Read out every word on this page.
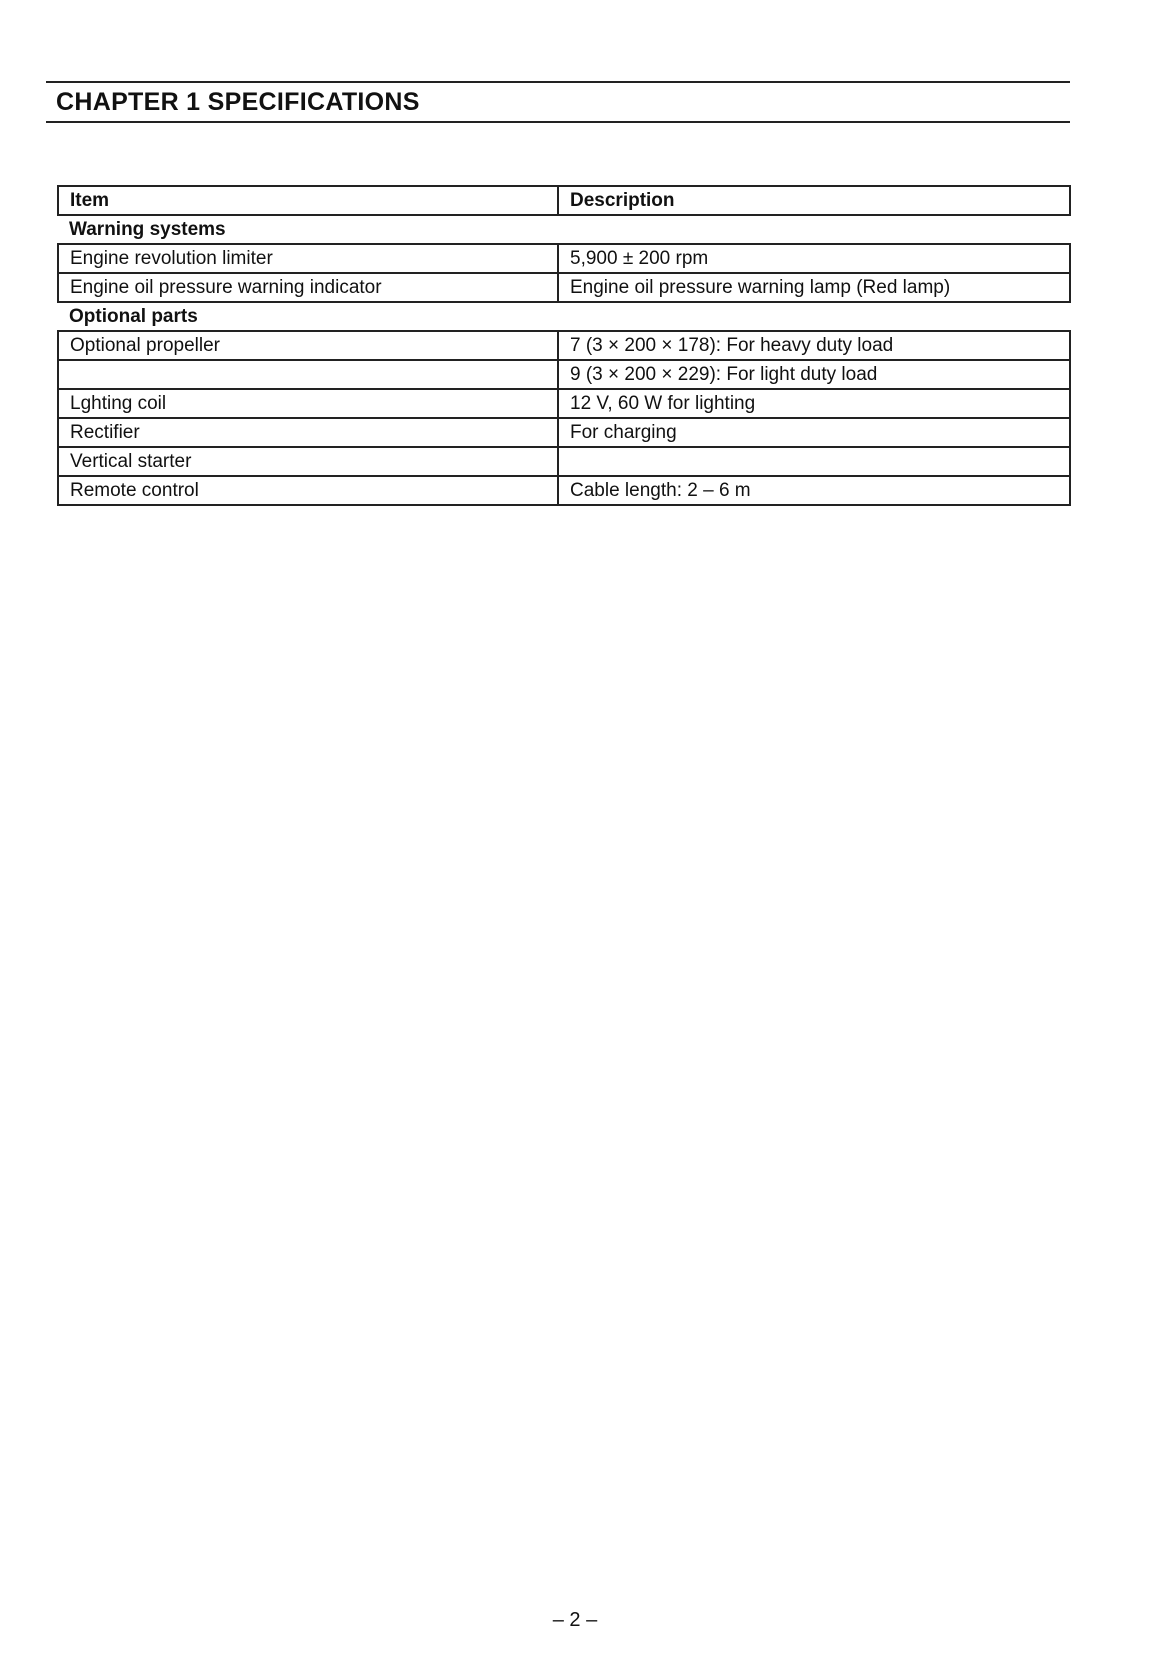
CHAPTER 1 SPECIFICATIONS
Item	Description
Warning systems	
Engine revolution limiter	5,900 ± 200 rpm
Engine oil pressure warning indicator	Engine oil pressure warning lamp (Red lamp)
Optional parts	
Optional propeller	7 (3 × 200 × 178): For heavy duty load
	9 (3 × 200 × 229): For light duty load
Lghting coil	12 V, 60 W for lighting
Rectifier	For charging
Vertical starter	
Remote control	Cable length: 2 – 6 m
– 2 –
